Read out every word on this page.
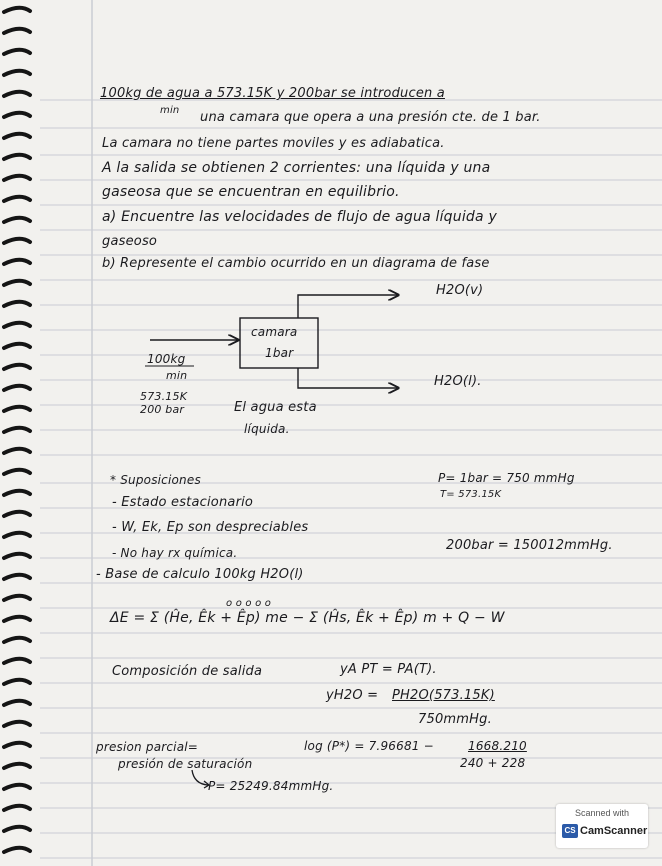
100kg de agua a 573.15K y 200bar se introducen a
min una camara que opera a una presión cte. de 1 bar.
La camara no tiene partes moviles y es adiabatica.
A la salida se obtienen 2 corrientes: una líquida y una
gaseosa que se encuentran en equilibrio.
a) Encuentre las velocidades de flujo de agua líquida y
gaseoso
b) Represente el cambio ocurrido en un diagrama de fase
camara
1bar
H2O(v)
H2O(l).
100kg
min
573.15K
200 bar	El agua esta
líquida.
* Suposiciones
- Estado estacionario
- W, Ek, Ep son despreciables
- No hay rx química.
- Base de calculo 100kg H2O(l)
P= 1bar = 750 mmHg
T= 573.15K
200bar = 150012mmHg.
o o o o o
ΔE = Σ (Ĥe, Êk + Êp) me − Σ (Ĥs, Êk + Êp) m + Q − W
Composición de salida	yA PT = PA(T).
yH2O = PH2O(573.15K)
750mmHg.
presion parcial=
presión de saturación
log (P*) = 7.96681 −	1668.210
240 + 228
P= 25249.84mmHg.
Scanned with
CS CamScanner
